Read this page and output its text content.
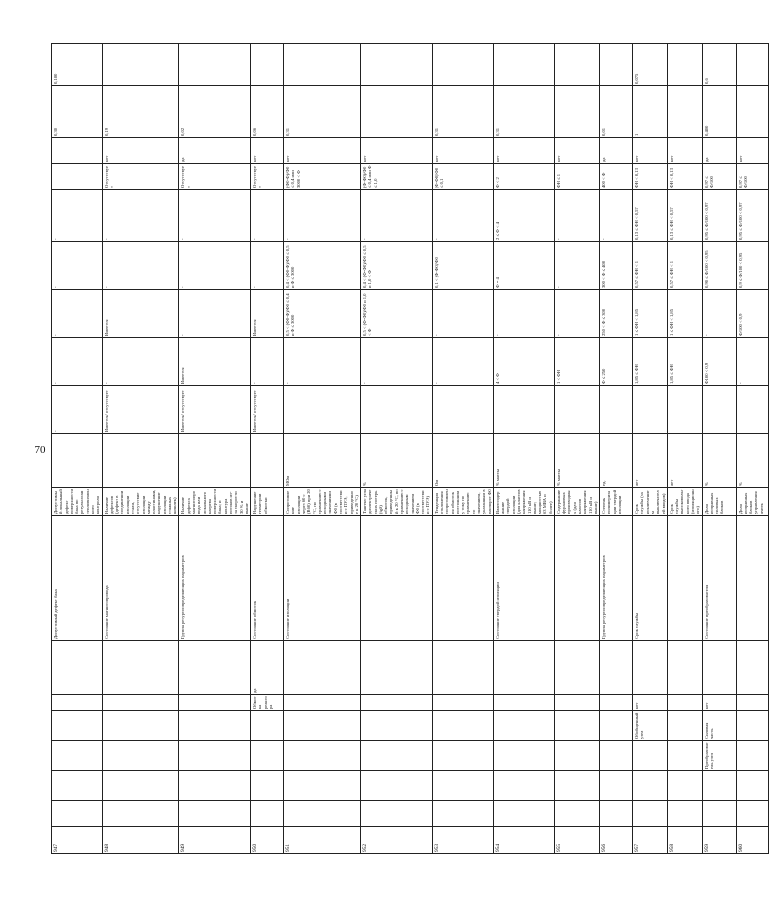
70
947							Допустимый дефект бака	Допустимый локальный дефект поверхности бака по результатам тепловизионного контроля		-	-	-	-	-			0,30	0,180
948							Состояние магнитопровода	Наличие дефектов (дефект в соединении изоляции стали, отсутствие изоляции между пластинами, нарушение изоляции стяжных шпилек)		Имеется/ отсутствует	-	Имеется	-	-	Отсутствует	нет	0,19	
949							Группа ресурсоопределяющих параметров	Наличие дефекта магнитопровода или локального нагрева поверхности бака; и контура потоков из-за скорости 30 % и выше		Имеется/ отсутствует	Имеется	-	-	-	Отсутствует	да	0,02	
950					Обмотка реактора	да	Состояние обмоток	Нарушение геометрии обмотки		Имеется/ отсутствует	-	Имеется	-	-	Отсутствует	нет	0,06	
951							Состояние изоляции	Сопротивление изоляции через 60 с (R60) при 20 °С, по сравнению с исходными значениями Ф0 (в соответствии с ПУЭ, приведенное к 20 °С)	МОм		-	0,5 < (Ф0-Ф)/Ф0 ≤ 0,4 и Ф ≤ 3000	0,4 < (Ф0-Ф)/Ф0 ≤ 0,5 и Ф ≤ 3000	-	(Ф0-Ф)/Ф0 ≤ 0,4 или 3000 < Ф	нет	0,31	
952								Тангенс угла диэлектрических потерь (tgδ) обмоток, приведенный к 20 °С, по сравнению с исходным значением Ф0 (в соответствии с ПУЭ)	%		-	0,5 < (Ф-Ф0)/Ф0 и 1,0 < Ф	0,4 < (Ф-Ф0)/Ф0 ≤ 0,5 и 1,0 < Ф	-	(Ф-Ф0)/Ф0 ≤ 0,4 или Ф ≤ 1,0	нет		
953								Тенденция отклонения сопротивления обмоток постоянному току по сравнению со значением, указанным в паспорте Ф0	Ом		-	-	0,1 < |Ф-Ф0|/Ф0	-	|Ф-Ф0|/Ф0 ≤ 0,1	нет	0,31	
954							Состояние твердой изоляции	Влагосодержание твердой изоляции (для классов напряжения 110 кВ и выше; мощностью 63 МВА и более)	% массы		4 < Ф	-	Ф = 4	2 ≤ Ф < 4	Ф < 2	нет	0,31	
955								Содержание фурановых производных (для классов напряжения 110 кВ и выше)	% массы		1 < ФН	-	-	-	ФН ≤ 1	нет		
956							Группа ресурсоопределяющих параметров	Степень полимеризации твердой изоляции	ед.		Ф ≤ 250	250 < Ф ≤ 300	300 < Ф ≤ 400	-	400 < Ф	да	0,01	
957				Обобщенный узел	нет		Срок службы	Срок службы (за исключением выключателей вводов)	лет		1,85 ≤ ФН	1 ≤ ФН < 1,85	0,57 ≤ ФН < 1	0,13 ≤ ФН < 0,57	ФН < 0,13	нет	1	0,075
958								Срок службы высоковольтного ввода (изоляционного)	лет		1,85 ≤ ФН	1 ≤ ФН < 1,85	0,57 ≤ ФН < 1	0,13 ≤ ФН < 0,57	ФН < 0,13	нет		
959			Преобразователь узел	Силовая часть	нет		Состояние преобразователя	Доля исправных силовых блоков	%		Ф100 < 0,9	-	0,90 ≤ Ф/100 < 0,95	0,95 ≤ Ф/100 < 0,97	0,97 ≤ Ф/100	да	0,400	0,6
960								Доля исправных блоков управления ячеек	%		-	Ф/100 < 0,9	0,9 ≤ Ф/100 < 0,95	0,95 ≤ Ф/100 < 0,97	0,97 ≤ Ф/100	нет		
